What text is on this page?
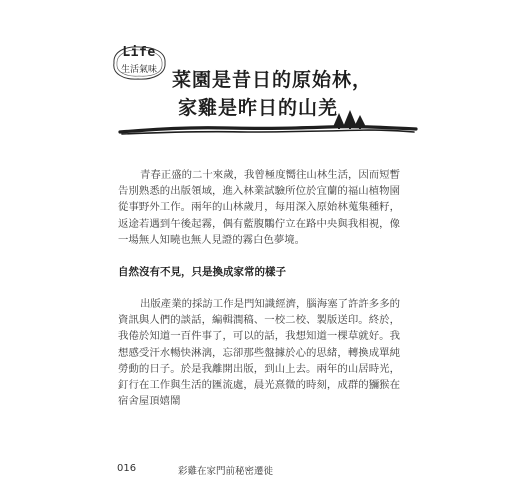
Life
生活氣味 菜園是昔日的原始林，
家雞是昨日的山羌

青春正盛的二十來歲，我曾極度嚮往山林生活，因而短暫告別熟悉的出版領域，進入林業試驗所位於宜蘭的福山植物園從事野外工作。兩年的山林歲月，每用深入原始林蒐集種籽，返途若遇到午後起霧，偶有藍腹鷴佇立在路中央與我相視，像一場無人知曉也無人見證的霧白色夢境。

自然沒有不見，只是換成家常的樣子

出版產業的採訪工作是門知識經濟，腦海塞了許許多多的資訊與人們的談話，編輯潤稿、一校二校、製版送印。終於，我倦於知道一百件事了，可以的話，我想知道一棵草就好。我想感受汗水暢快淋漓，忘卻那些盤據於心的思緒，轉換成單純勞動的日子。於是我離開出版，到山上去。兩年的山居時光，釘行在工作與生活的匯流處，晨光熹微的時刻，成群的獼猴在宿舍屋頂嬉鬧

016	彩雞在家門前秘密遷徙
